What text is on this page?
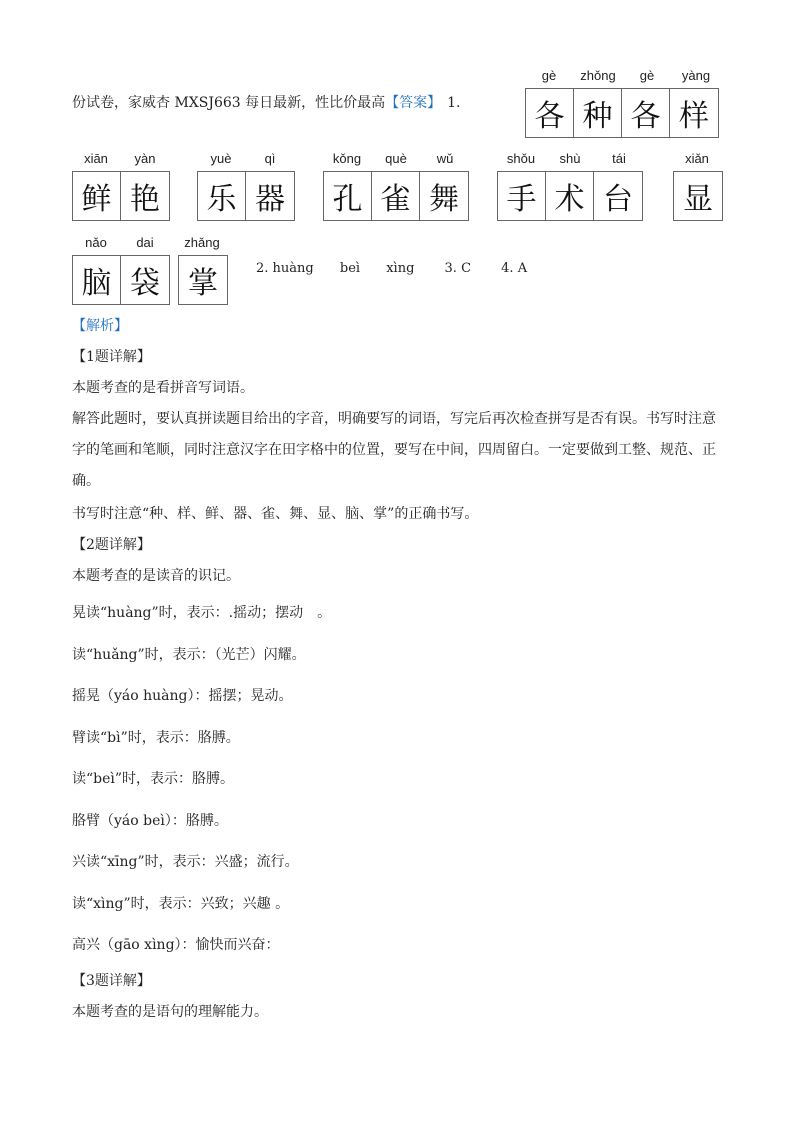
份试卷，家威杏 MXSJ663 每日最新，性比价最高【答案】 1.
gè	zhǒng	gè	yàng
各 种 各 样
xiān	yàn
鲜 艳
yuè	qì
乐 器
kǒng	què	wǔ
孔 雀 舞
shǒu	shù	tái
手 术 台
xiǎn
显
nǎo	dai
脑 袋
zhǎng
掌	2. huàng beì xìng 3. C 4. A
【解析】
【1题详解】
本题考查的是看拼音写词语。
解答此题时，要认真拼读题目给出的字音，明确要写的词语，写完后再次检查拼写是否有误。书写时注意字的笔画和笔顺，同时注意汉字在田字格中的位置，要写在中间，四周留白。一定要做到工整、规范、正确。
书写时注意“种、样、鲜、器、雀、舞、显、脑、掌”的正确书写。
【2题详解】
本题考查的是读音的识记。
晃读“huàng”时，表示：.摇动；摆动　。
读“huǎng”时，表示：（光芒）闪耀。
摇晃（yáo huàng）：摇摆；晃动。
臂读“bì”时，表示：胳膊。
读“beì”时，表示：胳膊。
胳臂（yáo beì）：胳膊。
兴读“xīng”时，表示：兴盛；流行。
读“xìng”时，表示：兴致；兴趣 。
高兴（gāo xìng）：愉快而兴奋：
【3题详解】
本题考查的是语句的理解能力。
